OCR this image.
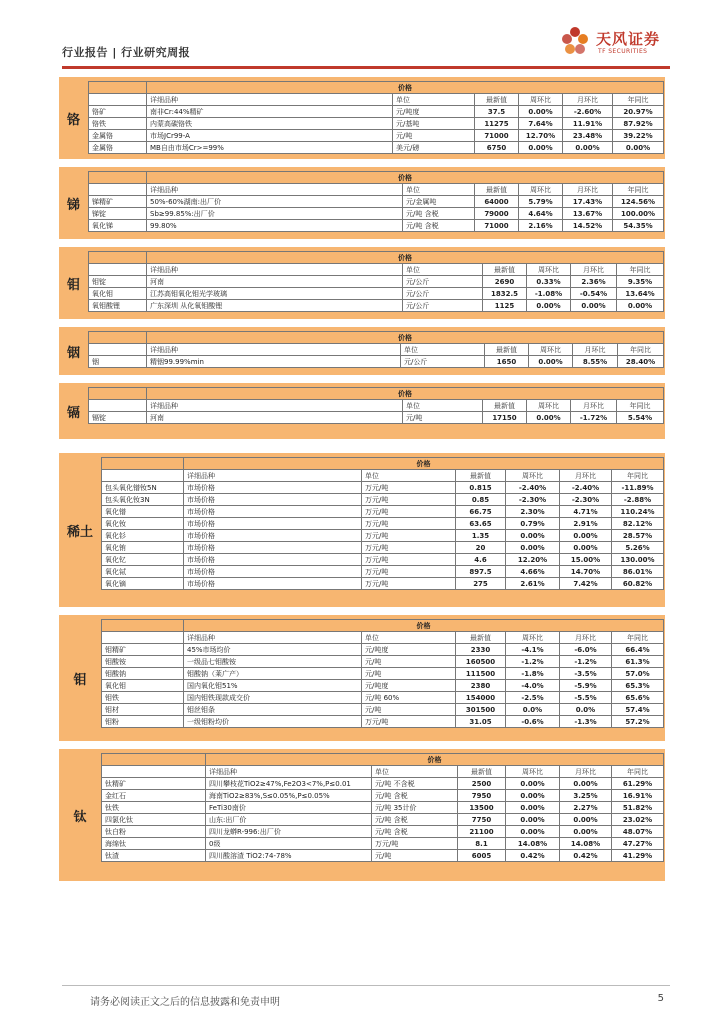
行业报告 | 行业研究周报
天风证券
TF SECURITIES
铬
	价格					
	详细品种	单位	最新值	周环比	月环比	年同比
铬矿	南非Cr:44%精矿	元/吨度	37.5	0.00%	-2.60%	20.97%
铬铁	内蒙高碳铬铁	元/基吨	11275	7.64%	11.91%	87.92%
金属铬	市场JCr99-A	元/吨	71000	12.70%	23.48%	39.22%
金属铬	MB自由市场Cr>=99%	美元/磅	6750	0.00%	0.00%	0.00%
锑
	价格					
	详细品种	单位	最新值	周环比	月环比	年同比
锑精矿	50%-60%湖南:出厂价	元/金属吨	64000	5.79%	17.43%	124.56%
锑锭	Sb≥99.85%:出厂价	元/吨 含税	79000	4.64%	13.67%	100.00%
氧化锑	99.80%	元/吨 含税	71000	2.16%	14.52%	54.35%
钼
	价格					
	详细品种	单位	最新值	周环比	月环比	年同比
钼锭	河南	元/公斤	2690	0.33%	2.36%	9.35%
氧化钼	江苏高钼氧化钼光学玻璃	元/公斤	1832.5	-1.08%	-0.54%	13.64%
氧钼酸锂	广东深圳 从化氧钼酸锂	元/公斤	1125	0.00%	0.00%	0.00%
铟
	价格					
	详细品种	单位	最新值	周环比	月环比	年同比
铟	精铟99.99%min	元/公斤	1650	0.00%	8.55%	28.40%
镉
	价格					
	详细品种	单位	最新值	周环比	月环比	年同比
镉锭	河南	元/吨	17150	0.00%	-1.72%	5.54%
稀土
	价格					
	详细品种	单位	最新值	周环比	月环比	年同比
包头氧化镨钕5N	市场价格	万元/吨	0.815	-2.40%	-2.40%	-11.89%
包头氧化钕3N	市场价格	万元/吨	0.85	-2.30%	-2.30%	-2.88%
氧化镨	市场价格	万元/吨	66.75	2.30%	4.71%	110.24%
氧化钕	市场价格	万元/吨	63.65	0.79%	2.91%	82.12%
氧化钐	市场价格	万元/吨	1.35	0.00%	0.00%	28.57%
氧化铕	市场价格	万元/吨	20	0.00%	0.00%	5.26%
氧化钇	市场价格	万元/吨	4.6	12.20%	15.00%	130.00%
氧化铽	市场价格	万元/吨	897.5	4.66%	14.70%	86.01%
氧化镝	市场价格	万元/吨	275	2.61%	7.42%	60.82%
钼
	价格					
	详细品种	单位	最新值	周环比	月环比	年同比
钼精矿	45%市场均价	元/吨度	2330	-4.1%	-6.0%	66.4%
钼酸铵	一级品七钼酸铵	元/吨	160500	-1.2%	-1.2%	61.3%
钼酸钠	钼酸钠（莱广产）	元/吨	111500	-1.8%	-3.5%	57.0%
氧化钼	国内氧化钼51%	元/吨度	2380	-4.0%	-5.9%	65.3%
钼铁	国内钼铁现款成交价	元/吨 60%	154000	-2.5%	-5.5%	65.6%
钼材	钼丝钼条	元/吨	301500	0.0%	0.0%	57.4%
钼粉	一级钼粉均价	万元/吨	31.05	-0.6%	-1.3%	57.2%
钛
	价格					
	详细品种	单位	最新值	周环比	月环比	年同比
钛精矿	四川攀枝花TiO2≥47%,Fe2O3<7%,P≤0.01	元/吨 不含税	2500	0.00%	0.00%	61.29%
金红石	海南TiO2≥83%,S≤0.05%,P≤0.05%	元/吨 含税	7950	0.00%	3.25%	16.91%
钛铁	FeTi30南价	元/吨 35计价	13500	0.00%	2.27%	51.82%
四氯化钛	山东:出厂价	元/吨 含税	7750	0.00%	0.00%	23.02%
钛白粉	四川龙蟒R-996:出厂价	元/吨 含税	21100	0.00%	0.00%	48.07%
海绵钛	0级	万元/吨	8.1	14.08%	14.08%	47.27%
钛渣	四川酸溶渣 TiO2:74-78%	元/吨	6005	0.42%	0.42%	41.29%
请务必阅读正文之后的信息披露和免责申明	5
